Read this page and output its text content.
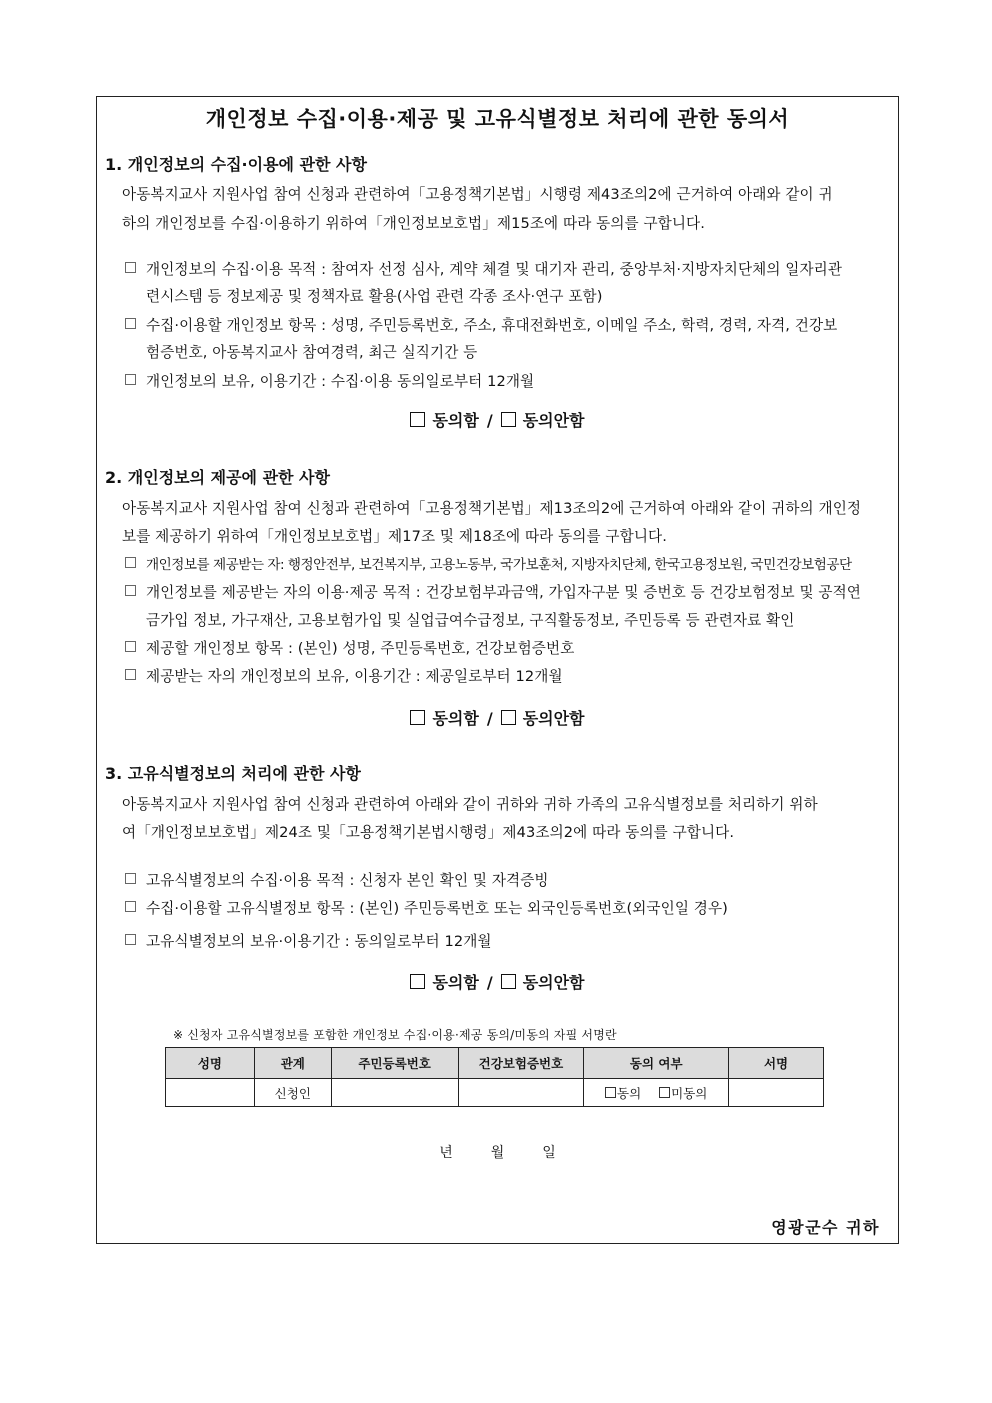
개인정보 수집·이용·제공 및 고유식별정보 처리에 관한 동의서
1. 개인정보의 수집·이용에 관한 사항
아동복지교사 지원사업 참여 신청과 관련하여「고용정책기본법」시행령 제43조의2에 근거하여 아래와 같이 귀
하의 개인정보를 수집·이용하기 위하여「개인정보보호법」제15조에 따라 동의를 구합니다.
개인정보의 수집·이용 목적 : 참여자 선정 심사, 계약 체결 및 대기자 관리, 중앙부처·지방자치단체의 일자리관
련시스템 등 정보제공 및 정책자료 활용(사업 관련 각종 조사·연구 포함)
수집·이용할 개인정보 항목 : 성명, 주민등록번호, 주소, 휴대전화번호, 이메일 주소, 학력, 경력, 자격, 건강보
험증번호, 아동복지교사 참여경력, 최근 실직기간 등
개인정보의 보유, 이용기간 : 수집·이용 동의일로부터 12개월
동의함 / 동의안함
2. 개인정보의 제공에 관한 사항
아동복지교사 지원사업 참여 신청과 관련하여「고용정책기본법」제13조의2에 근거하여 아래와 같이 귀하의 개인정
보를 제공하기 위하여「개인정보보호법」제17조 및 제18조에 따라 동의를 구합니다.
개인정보를 제공받는 자: 행정안전부, 보건복지부, 고용노동부, 국가보훈처, 지방자치단체, 한국고용정보원, 국민건강보험공단
개인정보를 제공받는 자의 이용·제공 목적 : 건강보험부과금액, 가입자구분 및 증번호 등 건강보험정보 및 공적연
금가입 정보, 가구재산, 고용보험가입 및 실업급여수급정보, 구직활동정보, 주민등록 등 관련자료 확인
제공할 개인정보 항목 : (본인) 성명, 주민등록번호, 건강보험증번호
제공받는 자의 개인정보의 보유, 이용기간 : 제공일로부터 12개월
동의함 / 동의안함
3. 고유식별정보의 처리에 관한 사항
아동복지교사 지원사업 참여 신청과 관련하여 아래와 같이 귀하와 귀하 가족의 고유식별정보를 처리하기 위하
여「개인정보보호법」제24조 및「고용정책기본법시행령」제43조의2에 따라 동의를 구합니다.
고유식별정보의 수집·이용 목적 : 신청자 본인 확인 및 자격증빙
수집·이용할 고유식별정보 항목 : (본인) 주민등록번호 또는 외국인등록번호(외국인일 경우)
고유식별정보의 보유·이용기간 : 동의일로부터 12개월
동의함 / 동의안함
※ 신청자 고유식별정보를 포함한 개인정보 수집·이용·제공 동의/미동의 자필 서명란
성명	관계	주민등록번호	건강보험증번호	동의 여부	서명
	신청인			동의 미동의	
년	월	일
영광군수 귀하
